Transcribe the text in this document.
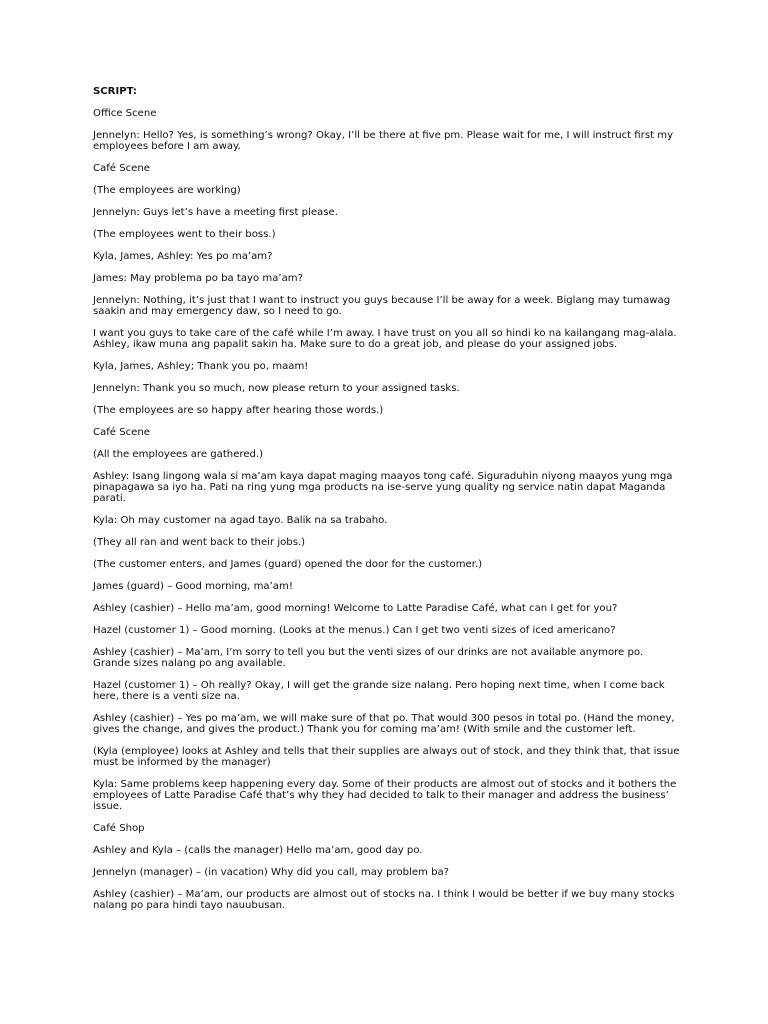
SCRIPT:

Office Scene

Jennelyn: Hello? Yes, is something’s wrong? Okay, I’ll be there at five pm. Please wait for me, I will instruct first my employees before I am away.

Café Scene

(The employees are working)

Jennelyn: Guys let’s have a meeting first please.

(The employees went to their boss.)

Kyla, James, Ashley: Yes po ma’am?

James: May problema po ba tayo ma’am?

Jennelyn: Nothing, it’s just that I want to instruct you guys because I’ll be away for a week. Biglang may tumawag saakin and may emergency daw, so I need to go.

I want you guys to take care of the café while I’m away. I have trust on you all so hindi ko na kailangang mag-alala. Ashley, ikaw muna ang papalit sakin ha. Make sure to do a great job, and please do your assigned jobs.

Kyla, James, Ashley; Thank you po, maam!

Jennelyn: Thank you so much, now please return to your assigned tasks.

(The employees are so happy after hearing those words.)

Café Scene

(All the employees are gathered.)

Ashley: Isang lingong wala si ma’am kaya dapat maging maayos tong café. Siguraduhin niyong maayos yung mga pinapagawa sa iyo ha. Pati na ring yung mga products na ise-serve yung quality ng service natin dapat Maganda parati.

Kyla: Oh may customer na agad tayo. Balik na sa trabaho.

(They all ran and went back to their jobs.)

(The customer enters, and James (guard) opened the door for the customer.)

James (guard) – Good morning, ma’am!

Ashley (cashier) – Hello ma’am, good morning! Welcome to Latte Paradise Café, what can I get for you?

Hazel (customer 1) – Good morning. (Looks at the menus.) Can I get two venti sizes of iced americano?

Ashley (cashier) – Ma’am, I’m sorry to tell you but the venti sizes of our drinks are not available anymore po. Grande sizes nalang po ang available.

Hazel (customer 1) – Oh really? Okay, I will get the grande size nalang. Pero hoping next time, when I come back here, there is a venti size na.

Ashley (cashier) – Yes po ma’am, we will make sure of that po. That would 300 pesos in total po. (Hand the money, gives the change, and gives the product.) Thank you for coming ma’am! (With smile and the customer left.

(Kyla (employee) looks at Ashley and tells that their supplies are always out of stock, and they think that, that issue must be informed by the manager)

Kyla: Same problems keep happening every day. Some of their products are almost out of stocks and it bothers the employees of Latte Paradise Café that’s why they had decided to talk to their manager and address the business’ issue.

Café Shop

Ashley and Kyla – (calls the manager) Hello ma’am, good day po.

Jennelyn (manager) – (in vacation) Why did you call, may problem ba?

Ashley (cashier) – Ma’am, our products are almost out of stocks na. I think I would be better if we buy many stocks nalang po para hindi tayo nauubusan.
